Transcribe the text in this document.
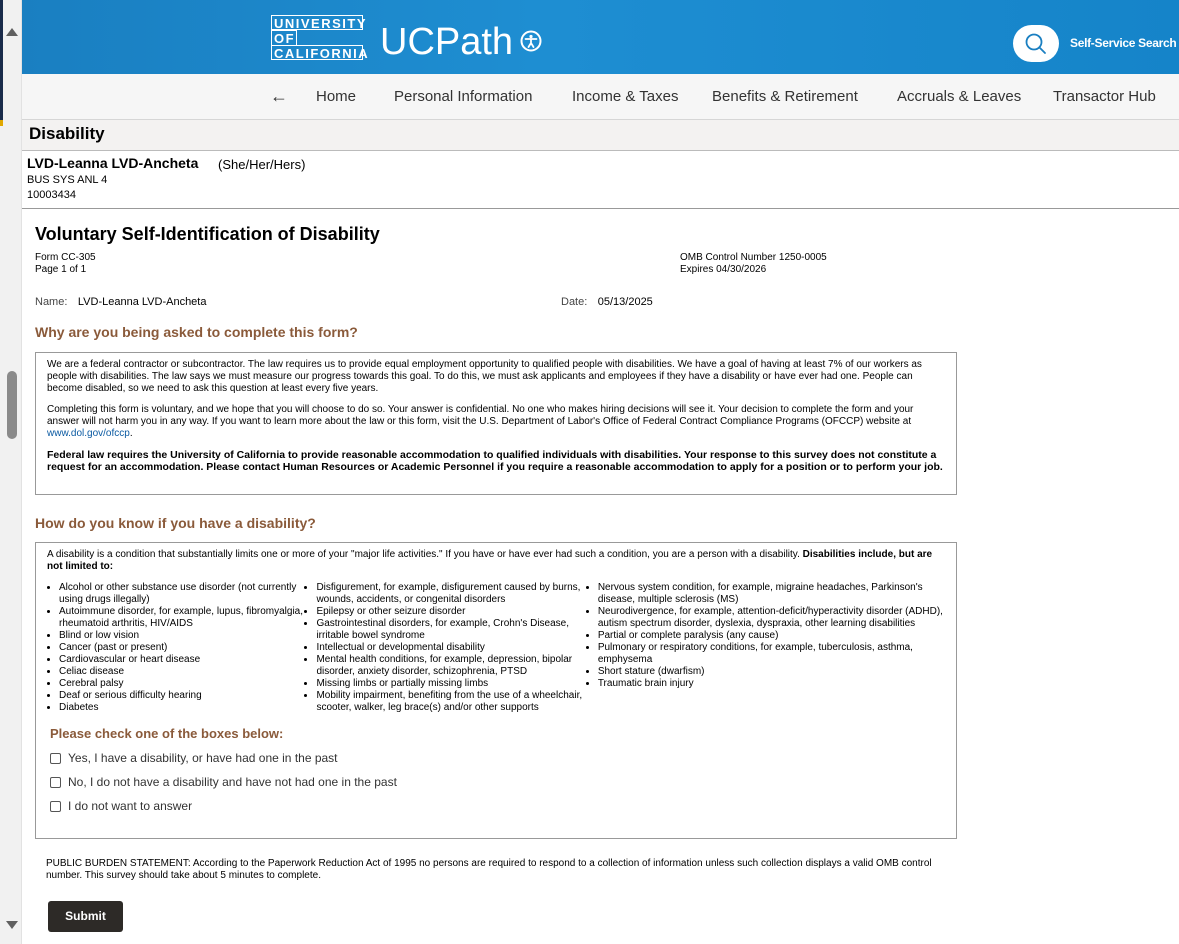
UNIVERSITY
OF
CALIFORNIA UCPath	Self-Service Search
← Home	Personal Information	Income & Taxes Benefits & Retirement	Accruals & Leaves Transactor Hub
Disability
LVD-Leanna LVD-Ancheta (She/Her/Hers)
BUS SYS ANL 4
10003434
Voluntary Self-Identification of Disability
Form CC-305
Page 1 of 1
OMB Control Number 1250-0005
Expires 04/30/2026
Name: LVD-Leanna LVD-Ancheta	Date: 05/13/2025
Why are you being asked to complete this form?

We are a federal contractor or subcontractor. The law requires us to provide equal employment opportunity to qualified people with disabilities. We have a goal of having at least 7% of our workers as people with disabilities. The law says we must measure our progress towards this goal. To do this, we must ask applicants and employees if they have a disability or have ever had one. People can become disabled, so we need to ask this question at least every five years.

Completing this form is voluntary, and we hope that you will choose to do so. Your answer is confidential. No one who makes hiring decisions will see it. Your decision to complete the form and your answer will not harm you in any way. If you want to learn more about the law or this form, visit the U.S. Department of Labor's Office of Federal Contract Compliance Programs (OFCCP) website at www.dol.gov/ofccp.

Federal law requires the University of California to provide reasonable accommodation to qualified individuals with disabilities. Your response to this survey does not constitute a request for an accommodation. Please contact Human Resources or Academic Personnel if you require a reasonable accommodation to apply for a position or to perform your job.

How do you know if you have a disability?
A disability is a condition that substantially limits one or more of your "major life activities." If you have or have ever had such a condition, you are a person with a disability. Disabilities include, but are not limited to:
• Alcohol or other substance use disorder (not currently using drugs illegally)
• Autoimmune disorder, for example, lupus, fibromyalgia, rheumatoid arthritis, HIV/AIDS
• Blind or low vision
• Cancer (past or present)
• Cardiovascular or heart disease
• Celiac disease
• Cerebral palsy
• Deaf or serious difficulty hearing
• Diabetes
• Disfigurement, for example, disfigurement caused by burns, wounds, accidents, or congenital disorders
• Epilepsy or other seizure disorder
• Gastrointestinal disorders, for example, Crohn's Disease, irritable bowel syndrome
• Intellectual or developmental disability
• Mental health conditions, for example, depression, bipolar disorder, anxiety disorder, schizophrenia, PTSD
• Missing limbs or partially missing limbs
• Mobility impairment, benefiting from the use of a wheelchair, scooter, walker, leg brace(s) and/or other supports
• Nervous system condition, for example, migraine headaches, Parkinson's disease, multiple sclerosis (MS)
• Neurodivergence, for example, attention-deficit/hyperactivity disorder (ADHD), autism spectrum disorder, dyslexia, dyspraxia, other learning disabilities
• Partial or complete paralysis (any cause)
• Pulmonary or respiratory conditions, for example, tuberculosis, asthma, emphysema
• Short stature (dwarfism)
• Traumatic brain injury
Please check one of the boxes below:
Yes, I have a disability, or have had one in the past
No, I do not have a disability and have not had one in the past
I do not want to answer
PUBLIC BURDEN STATEMENT: According to the Paperwork Reduction Act of 1995 no persons are required to respond to a collection of information unless such collection displays a valid OMB control number. This survey should take about 5 minutes to complete.
Submit
